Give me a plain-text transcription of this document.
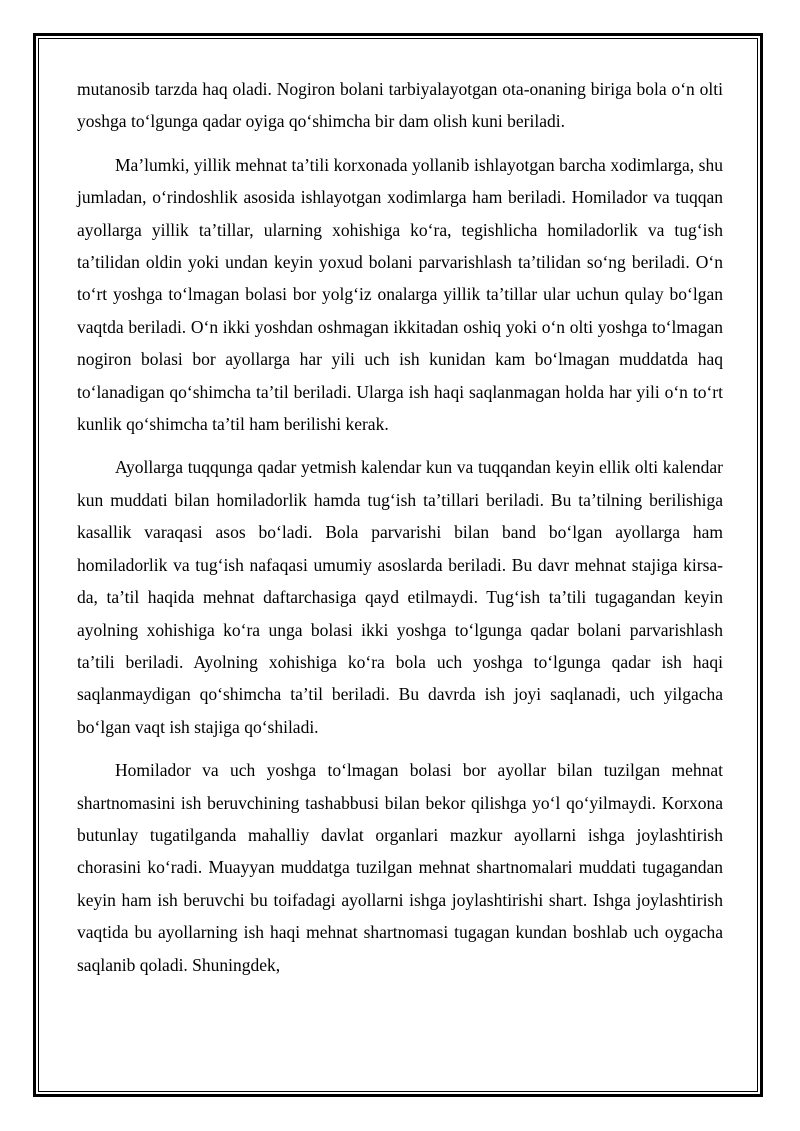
mutanosib tarzda haq oladi. Nogiron bolani tarbiyalayotgan ota-onaning biriga bola o‘n olti yoshga to‘lgunga qadar oyiga qo‘shimcha bir dam olish kuni beriladi.

Ma’lumki, yillik mehnat ta’tili korxonada yollanib ishlayotgan barcha xodimlarga, shu jumladan, o‘rindoshlik asosida ishlayotgan xodimlarga ham beriladi. Homilador va tuqqan ayollarga yillik ta’tillar, ularning xohishiga ko‘ra, tegishlicha homiladorlik va tug‘ish ta’tilidan oldin yoki undan keyin yoxud bolani parvarishlash ta’tilidan so‘ng beriladi. O‘n to‘rt yoshga to‘lmagan bolasi bor yolg‘iz onalarga yillik ta’tillar ular uchun qulay bo‘lgan vaqtda beriladi. O‘n ikki yoshdan oshmagan ikkitadan oshiq yoki o‘n olti yoshga to‘lmagan nogiron bolasi bor ayollarga har yili uch ish kunidan kam bo‘lmagan muddatda haq to‘lanadigan qo‘shimcha ta’til beriladi. Ularga ish haqi saqlanmagan holda har yili o‘n to‘rt kunlik qo‘shimcha ta’til ham berilishi kerak.

Ayollarga tuqqunga qadar yetmish kalendar kun va tuqqandan keyin ellik olti kalendar kun muddati bilan homiladorlik hamda tug‘ish ta’tillari beriladi. Bu ta’tilning berilishiga kasallik varaqasi asos bo‘ladi. Bola parvarishi bilan band bo‘lgan ayollarga ham homiladorlik va tug‘ish nafaqasi umumiy asoslarda beriladi. Bu davr mehnat stajiga kirsa-da, ta’til haqida mehnat daftarchasiga qayd etilmaydi. Tug‘ish ta’tili tugagandan keyin ayolning xohishiga ko‘ra unga bolasi ikki yoshga to‘lgunga qadar bolani parvarishlash ta’tili beriladi. Ayolning xohishiga ko‘ra bola uch yoshga to‘lgunga qadar ish haqi saqlanmaydigan qo‘shimcha ta’til beriladi. Bu davrda ish joyi saqlanadi, uch yilgacha bo‘lgan vaqt ish stajiga qo‘shiladi.

Homilador va uch yoshga to‘lmagan bolasi bor ayollar bilan tuzilgan mehnat shartnomasini ish beruvchining tashabbusi bilan bekor qilishga yo‘l qo‘yilmaydi. Korxona butunlay tugatilganda mahalliy davlat organlari mazkur ayollarni ishga joylashtirish chorasini ko‘radi. Muayyan muddatga tuzilgan mehnat shartnomalari muddati tugagandan keyin ham ish beruvchi bu toifadagi ayollarni ishga joylashtirishi shart. Ishga joylashtirish vaqtida bu ayollarning ish haqi mehnat shartnomasi tugagan kundan boshlab uch oygacha saqlanib qoladi. Shuningdek,
